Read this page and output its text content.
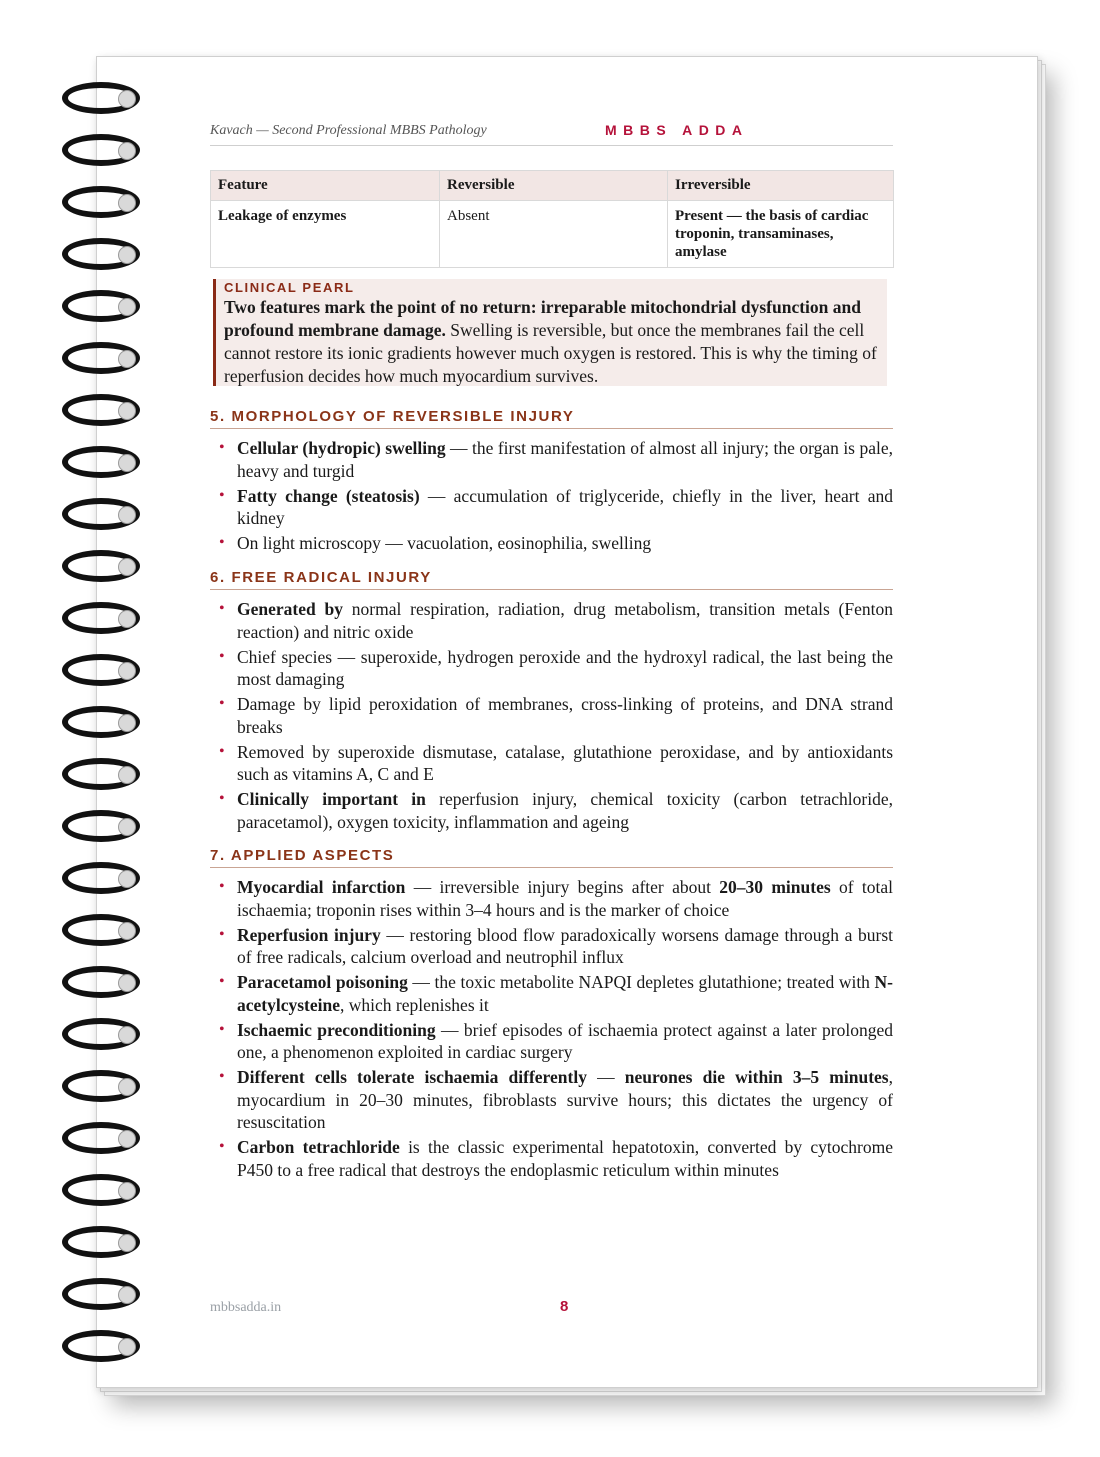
Kavach — Second Professional MBBS Pathology	MBBS ADDA
Feature	Reversible	Irreversible
Leakage of enzymes	Absent	Present — the basis of cardiac troponin, transaminases, amylase
CLINICAL PEARL
Two features mark the point of no return: irreparable mitochondrial dysfunction and profound membrane damage. Swelling is reversible, but once the membranes fail the cell cannot restore its ionic gradients however much oxygen is restored. This is why the timing of reperfusion decides how much myocardium survives.
5. MORPHOLOGY OF REVERSIBLE INJURY
• Cellular (hydropic) swelling — the first manifestation of almost all injury; the organ is pale, heavy and turgid
• Fatty change (steatosis) — accumulation of triglyceride, chiefly in the liver, heart and kidney
• On light microscopy — vacuolation, eosinophilia, swelling
6. FREE RADICAL INJURY
• Generated by normal respiration, radiation, drug metabolism, transition metals (Fenton reaction) and nitric oxide
• Chief species — superoxide, hydrogen peroxide and the hydroxyl radical, the last being the most damaging
• Damage by lipid peroxidation of membranes, cross-linking of proteins, and DNA strand breaks
• Removed by superoxide dismutase, catalase, glutathione peroxidase, and by antioxidants such as vitamins A, C and E
• Clinically important in reperfusion injury, chemical toxicity (carbon tetrachloride, paracetamol), oxygen toxicity, inflammation and ageing
7. APPLIED ASPECTS
• Myocardial infarction — irreversible injury begins after about 20–30 minutes of total ischaemia; troponin rises within 3–4 hours and is the marker of choice
• Reperfusion injury — restoring blood flow paradoxically worsens damage through a burst of free radicals, calcium overload and neutrophil influx
• Paracetamol poisoning — the toxic metabolite NAPQI depletes glutathione; treated with N-acetylcysteine, which replenishes it
• Ischaemic preconditioning — brief episodes of ischaemia protect against a later prolonged one, a phenomenon exploited in cardiac surgery
• Different cells tolerate ischaemia differently — neurones die within 3–5 minutes, myocardium in 20–30 minutes, fibroblasts survive hours; this dictates the urgency of resuscitation
• Carbon tetrachloride is the classic experimental hepatotoxin, converted by cytochrome P450 to a free radical that destroys the endoplasmic reticulum within minutes
mbbsadda.in	8
